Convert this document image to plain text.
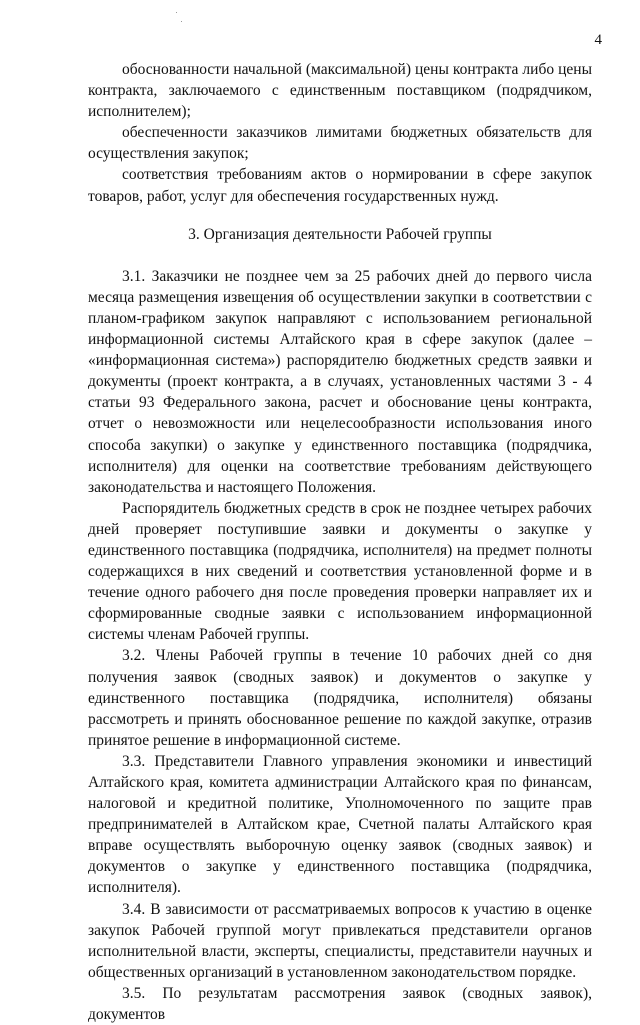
4

обоснованности начальной (максимальной) цены контракта либо цены контракта, заключаемого с единственным поставщиком (подрядчиком, исполнителем);

обеспеченности заказчиков лимитами бюджетных обязательств для осуществления закупок;

соответствия требованиям актов о нормировании в сфере закупок товаров, работ, услуг для обеспечения государственных нужд.

3. Организация деятельности Рабочей группы

3.1. Заказчики не позднее чем за 25 рабочих дней до первого числа месяца размещения извещения об осуществлении закупки в соответствии с планом-графиком закупок направляют с использованием региональной информационной системы Алтайского края в сфере закупок (далее – «информационная система») распорядителю бюджетных средств заявки и документы (проект контракта, а в случаях, установленных частями 3 - 4 статьи 93 Федерального закона, расчет и обоснование цены контракта, отчет о невозможности или нецелесообразности использования иного способа закупки) о закупке у единственного поставщика (подрядчика, исполнителя) для оценки на соответствие требованиям действующего законодательства и настоящего Положения.

Распорядитель бюджетных средств в срок не позднее четырех рабочих дней проверяет поступившие заявки и документы о закупке у единственного поставщика (подрядчика, исполнителя) на предмет полноты содержащихся в них сведений и соответствия установленной форме и в течение одного рабочего дня после проведения проверки направляет их и сформированные сводные заявки с использованием информационной системы членам Рабочей группы.

3.2. Члены Рабочей группы в течение 10 рабочих дней со дня получения заявок (сводных заявок) и документов о закупке у единственного поставщика (подрядчика, исполнителя) обязаны рассмотреть и принять обоснованное решение по каждой закупке, отразив принятое решение в информационной системе.

3.3. Представители Главного управления экономики и инвестиций Алтайского края, комитета администрации Алтайского края по финансам, налоговой и кредитной политике, Уполномоченного по защите прав предпринимателей в Алтайском крае, Счетной палаты Алтайского края вправе осуществлять выборочную оценку заявок (сводных заявок) и документов о закупке у единственного поставщика (подрядчика, исполнителя).

3.4. В зависимости от рассматриваемых вопросов к участию в оценке закупок Рабочей группой могут привлекаться представители органов исполнительной власти, эксперты, специалисты, представители научных и общественных организаций в установленном законодательством порядке.

3.5. По результатам рассмотрения заявок (сводных заявок), документов
